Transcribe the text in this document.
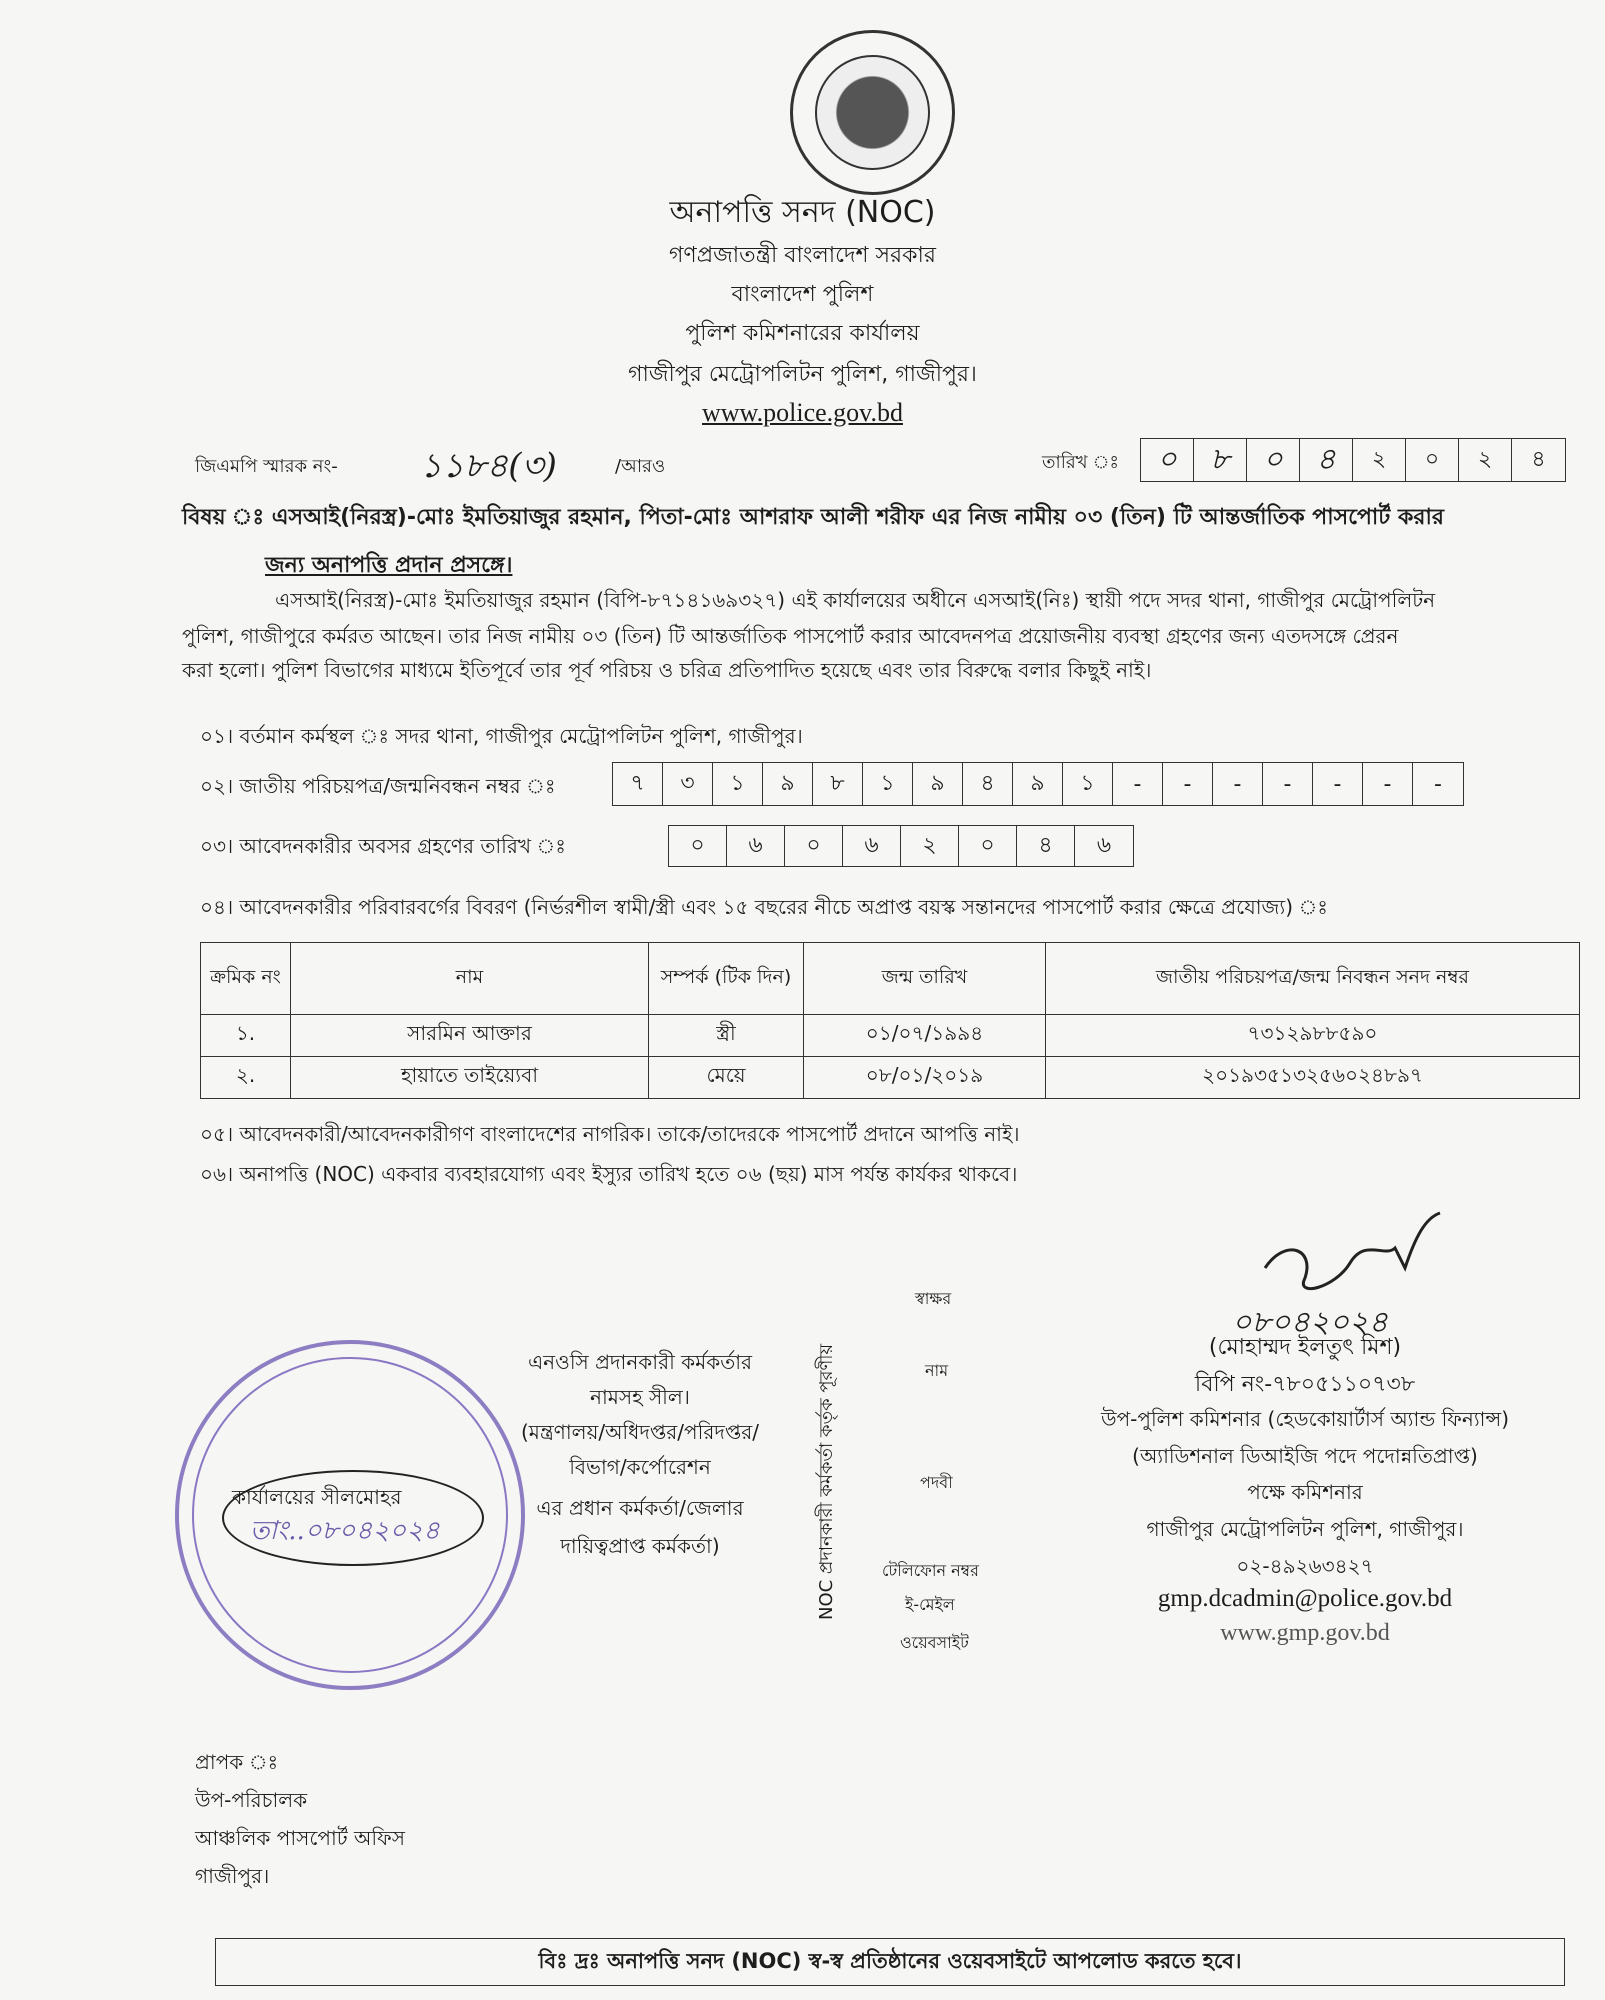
অনাপত্তি সনদ (NOC)
গণপ্রজাতন্ত্রী বাংলাদেশ সরকার
বাংলাদেশ পুলিশ
পুলিশ কমিশনারের কার্যালয়
গাজীপুর মেট্রোপলিটন পুলিশ, গাজীপুর।
www.police.gov.bd
জিএমপি স্মারক নং- ১১৮৪(৩)	/আরও	তারিখ ঃ	০	৮	০	৪	২	০	২	৪
বিষয় ঃ এসআই(নিরস্ত্র)-মোঃ ইমতিয়াজুর রহমান, পিতা-মোঃ আশরাফ আলী শরীফ এর নিজ নামীয় ০৩ (তিন) টি আন্তর্জাতিক পাসপোর্ট করার
জন্য অনাপত্তি প্রদান প্রসঙ্গে।
এসআই(নিরস্ত্র)-মোঃ ইমতিয়াজুর রহমান (বিপি-৮৭১৪১৬৯৩২৭) এই কার্যালয়ের অধীনে এসআই(নিঃ) স্থায়ী পদে সদর থানা, গাজীপুর মেট্রোপলিটন
পুলিশ, গাজীপুরে কর্মরত আছেন। তার নিজ নামীয় ০৩ (তিন) টি আন্তর্জাতিক পাসপোর্ট করার আবেদনপত্র প্রয়োজনীয় ব্যবস্থা গ্রহণের জন্য এতদসঙ্গে প্রেরন
করা হলো। পুলিশ বিভাগের মাধ্যমে ইতিপূর্বে তার পূর্ব পরিচয় ও চরিত্র প্রতিপাদিত হয়েছে এবং তার বিরুদ্ধে বলার কিছুই নাই।
০১। বর্তমান কর্মস্থল ঃ সদর থানা, গাজীপুর মেট্রোপলিটন পুলিশ, গাজীপুর।
০২। জাতীয় পরিচয়পত্র/জন্মনিবন্ধন নম্বর ঃ	৭	৩	১	৯	৮	১	৯	৪	৯	১	-	-	-	-	-	-	-
০৩। আবেদনকারীর অবসর গ্রহণের তারিখ ঃ	০	৬	০	৬	২	০	৪	৬
০৪। আবেদনকারীর পরিবারবর্গের বিবরণ (নির্ভরশীল স্বামী/স্ত্রী এবং ১৫ বছরের নীচে অপ্রাপ্ত বয়স্ক সন্তানদের পাসপোর্ট করার ক্ষেত্রে প্রযোজ্য) ঃ
ক্রমিক নং	নাম	সম্পর্ক (টিক দিন)	জন্ম তারিখ	জাতীয় পরিচয়পত্র/জন্ম নিবন্ধন সনদ নম্বর
১.	সারমিন আক্তার	স্ত্রী	০১/০৭/১৯৯৪	৭৩১২৯৮৮৫৯০
২.	হায়াতে তাইয়্যেবা	মেয়ে	০৮/০১/২০১৯	২০১৯৩৫১৩২৫৬০২৪৮৯৭
০৫। আবেদনকারী/আবেদনকারীগণ বাংলাদেশের নাগরিক। তাকে/তাদেরকে পাসপোর্ট প্রদানে আপত্তি নাই।
০৬। অনাপত্তি (NOC) একবার ব্যবহারযোগ্য এবং ইস্যুর তারিখ হতে ০৬ (ছয়) মাস পর্যন্ত কার্যকর থাকবে।
কার্যালয়ের সীলমোহর
তাং..০৮০৪২০২৪
এনওসি প্রদানকারী কর্মকর্তার
নামসহ সীল।
(মন্ত্রণালয়/অধিদপ্তর/পরিদপ্তর/
বিভাগ/কর্পোরেশন
এর প্রধান কর্মকর্তা/জেলার
দায়িত্বপ্রাপ্ত কর্মকর্তা)	NOC প্রদানকারী কর্মকর্তা কর্তৃক পূরণীয়
স্বাক্ষর
নাম
পদবী
টেলিফোন নম্বর
ই-মেইল
ওয়েবসাইট
০৮০৪২০২৪
(মোহাম্মদ ইলতুৎ মিশ)
বিপি নং-৭৮০৫১১০৭৩৮
উপ-পুলিশ কমিশনার (হেডকোয়ার্টার্স অ্যান্ড ফিন্যান্স)
(অ্যাডিশনাল ডিআইজি পদে পদোন্নতিপ্রাপ্ত)
পক্ষে কমিশনার
গাজীপুর মেট্রোপলিটন পুলিশ, গাজীপুর।
০২-৪৯২৬৩৪২৭
gmp.dcadmin@police.gov.bd
www.gmp.gov.bd
প্রাপক ঃ
উপ-পরিচালক
আঞ্চলিক পাসপোর্ট অফিস
গাজীপুর।
বিঃ দ্রঃ অনাপত্তি সনদ (NOC) স্ব-স্ব প্রতিষ্ঠানের ওয়েবসাইটে আপলোড করতে হবে।
